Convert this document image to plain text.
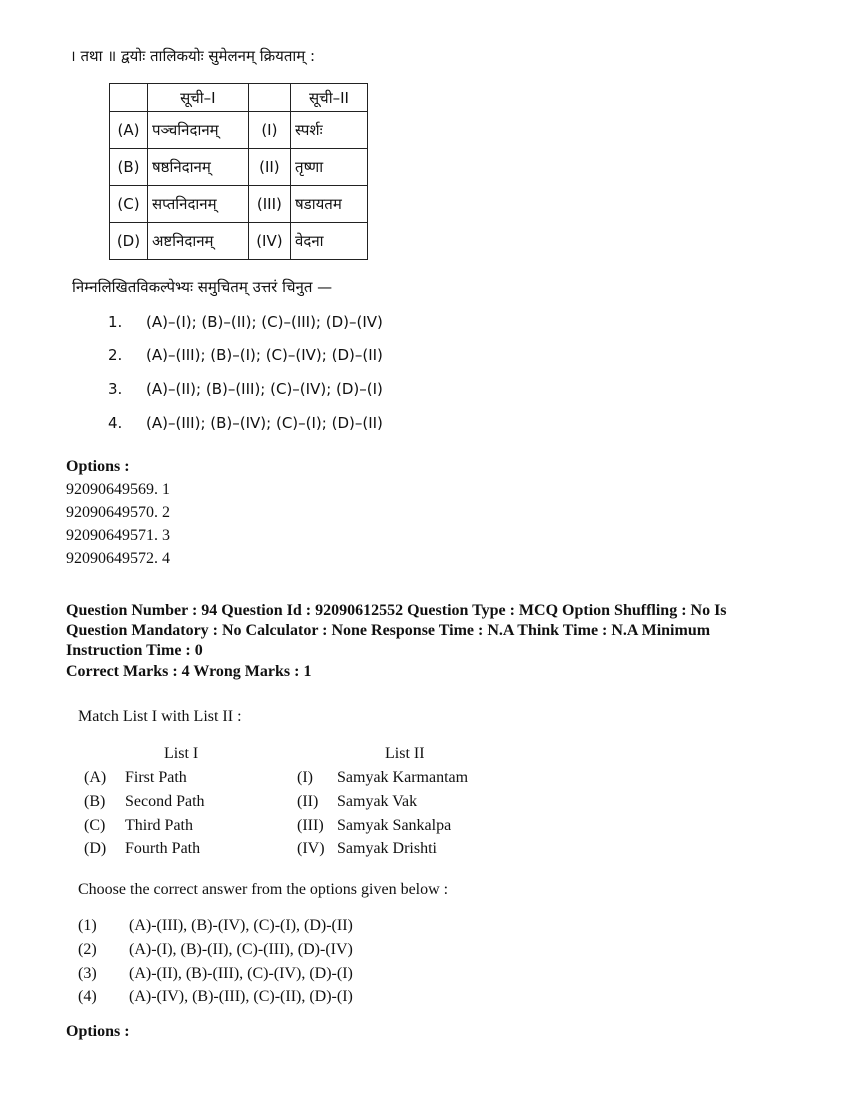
। तथा ॥ द्वयोः तालिकयोः सुमेलनम् क्रियताम् :
	सूची–I		सूची–II
(A)	पञ्चनिदानम्	(I)	स्पर्शः
(B)	षष्ठनिदानम्	(II)	तृष्णा
(C)	सप्तनिदानम्	(III)	षडायतम
(D)	अष्टनिदानम्	(IV)	वेदना
निम्नलिखितविकल्पेभ्यः समुचितम् उत्तरं चिनुत —
1. (A)–(I); (B)–(II); (C)–(III); (D)–(IV)
2. (A)–(III); (B)–(I); (C)–(IV); (D)–(II)
3. (A)–(II); (B)–(III); (C)–(IV); (D)–(I)
4. (A)–(III); (B)–(IV); (C)–(I); (D)–(II)
Options :
92090649569. 1
92090649570. 2
92090649571. 3
92090649572. 4
Question Number : 94 Question Id : 92090612552 Question Type : MCQ Option Shuffling : No Is
Question Mandatory : No Calculator : None Response Time : N.A Think Time : N.A Minimum
Instruction Time : 0
Correct Marks : 4 Wrong Marks : 1
Match List I with List II :
List I	List II
(A) First Path	(I) Samyak Karmantam
(B) Second Path	(II) Samyak Vak
(C) Third Path	(III) Samyak Sankalpa
(D) Fourth Path	(IV) Samyak Drishti
Choose the correct answer from the options given below :
(1) (A)-(III), (B)-(IV), (C)-(I), (D)-(II)
(2) (A)-(I), (B)-(II), (C)-(III), (D)-(IV)
(3) (A)-(II), (B)-(III), (C)-(IV), (D)-(I)
(4) (A)-(IV), (B)-(III), (C)-(II), (D)-(I)
Options :
